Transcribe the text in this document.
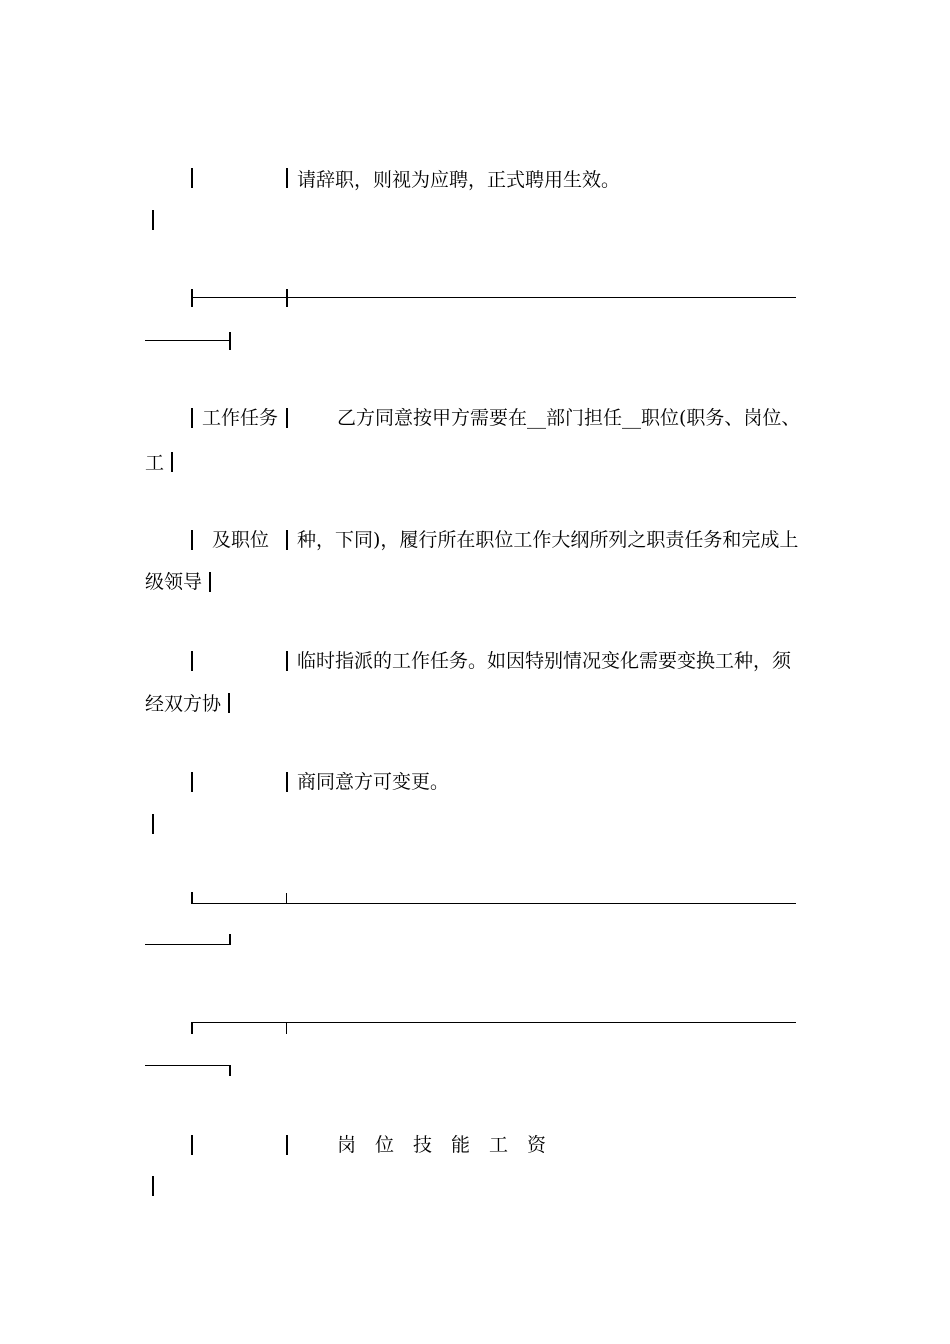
请辞职，则视为应聘，正式聘用生效。
工作任务	乙方同意按甲方需要在__部门担任__职位(职务、岗位、
工
及职位 种，下同)，履行所在职位工作大纲所列之职责任务和完成上
级领导
临时指派的工作任务。如因特别情况变化需要变换工种，须
经双方协
商同意方可变更。
岗　位　技　能　工　资
